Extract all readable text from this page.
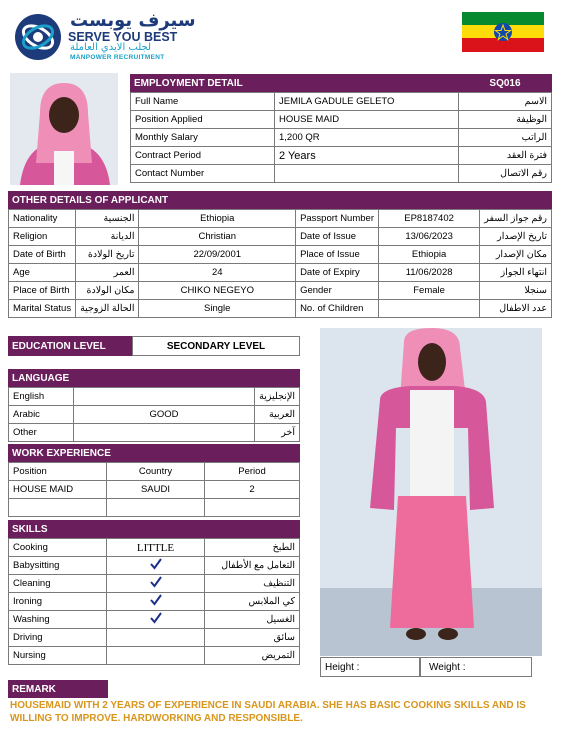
سيرف يوبست
SERVE YOU BEST
لجلب الايدي العاملة
MANPOWER RECRUITMENT
EMPLOYMENT DETAIL	SQ016
Full Name	JEMILA GADULE GELETO	الاسم
Position Applied	HOUSE MAID	الوظيفة
Monthly Salary	1,200 QR	الراتب
Contract Period	2 Years	فترة العقد
Contact Number		رقم الاتصال
OTHER DETAILS OF APPLICANT
Nationality	الجنسية	Ethiopia	Passport Number	EP8187402	رقم جواز السفر
Religion	الديانة	Christian	Date of Issue	13/06/2023	تاريخ الإصدار
Date of Birth	تاريخ الولادة	22/09/2001	Place of Issue	Ethiopia	مكان الإصدار
Age	العمر	24	Date of Expiry	11/06/2028	انتهاء الجواز
Place of Birth	مكان الولادة	CHIKO NEGEYO	Gender	Female	سنجلا
Marital Status	الحالة الزوجية	Single	No. of Children		عدد الاطفال
EDUCATION LEVEL	SECONDARY LEVEL
LANGUAGE
English		الإنجليزية
Arabic	GOOD	العربية
Other		آخر
WORK EXPERIENCE
Position	Country	Period
HOUSE MAID	SAUDI	2

SKILLS
Cooking	LITTLE	الطبخ
Babysitting		التعامل مع الأطفال
Cleaning		التنظيف
Ironing		كي الملابس
Washing		الغسيل
Driving		سائق
Nursing		التمريض
Height :	Weight :
REMARK
HOUSEMAID WITH 2 YEARS OF EXPERIENCE IN SAUDI ARABIA. SHE HAS BASIC COOKING SKILLS AND IS WILLING TO IMPROVE. HARDWORKING AND RESPONSIBLE.
